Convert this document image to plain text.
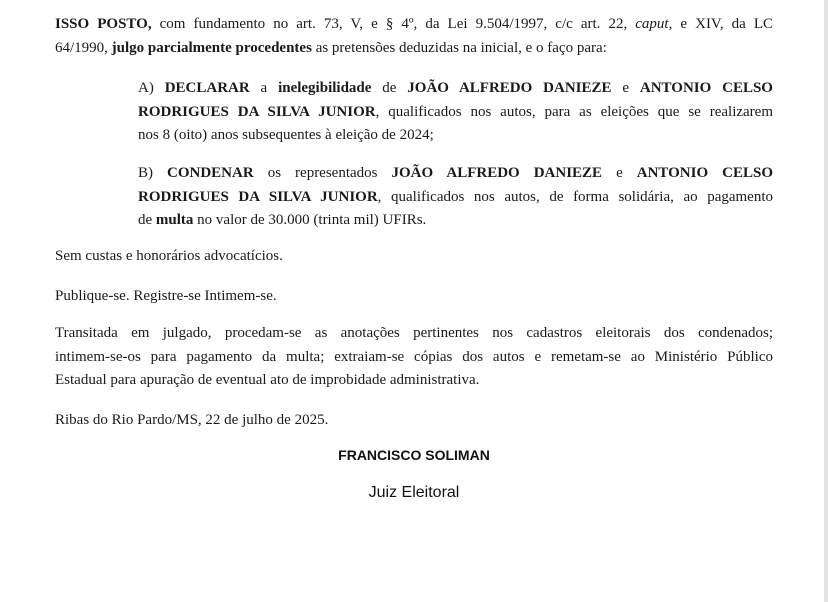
ISSO POSTO, com fundamento no art. 73, V, e § 4º, da Lei 9.504/1997, c/c art. 22, caput, e XIV, da LC
64/1990, julgo parcialmente procedentes as pretensões deduzidas na inicial, e o faço para:
A) DECLARAR a inelegibilidade de JOÃO ALFREDO DANIEZE e ANTONIO CELSO
RODRIGUES DA SILVA JUNIOR, qualificados nos autos, para as eleições que se realizarem
nos 8 (oito) anos subsequentes à eleição de 2024;
B) CONDENAR os representados JOÃO ALFREDO DANIEZE e ANTONIO CELSO
RODRIGUES DA SILVA JUNIOR, qualificados nos autos, de forma solidária, ao pagamento
de multa no valor de 30.000 (trinta mil) UFIRs.
Sem custas e honorários advocatícios.
Publique-se. Registre-se Intimem-se.
Transitada em julgado, procedam-se as anotações pertinentes nos cadastros eleitorais dos condenados;
intimem-se-os para pagamento da multa; extraiam-se cópias dos autos e remetam-se ao Ministério Público
Estadual para apuração de eventual ato de improbidade administrativa.
Ribas do Rio Pardo/MS, 22 de julho de 2025.
FRANCISCO SOLIMAN
Juiz Eleitoral
